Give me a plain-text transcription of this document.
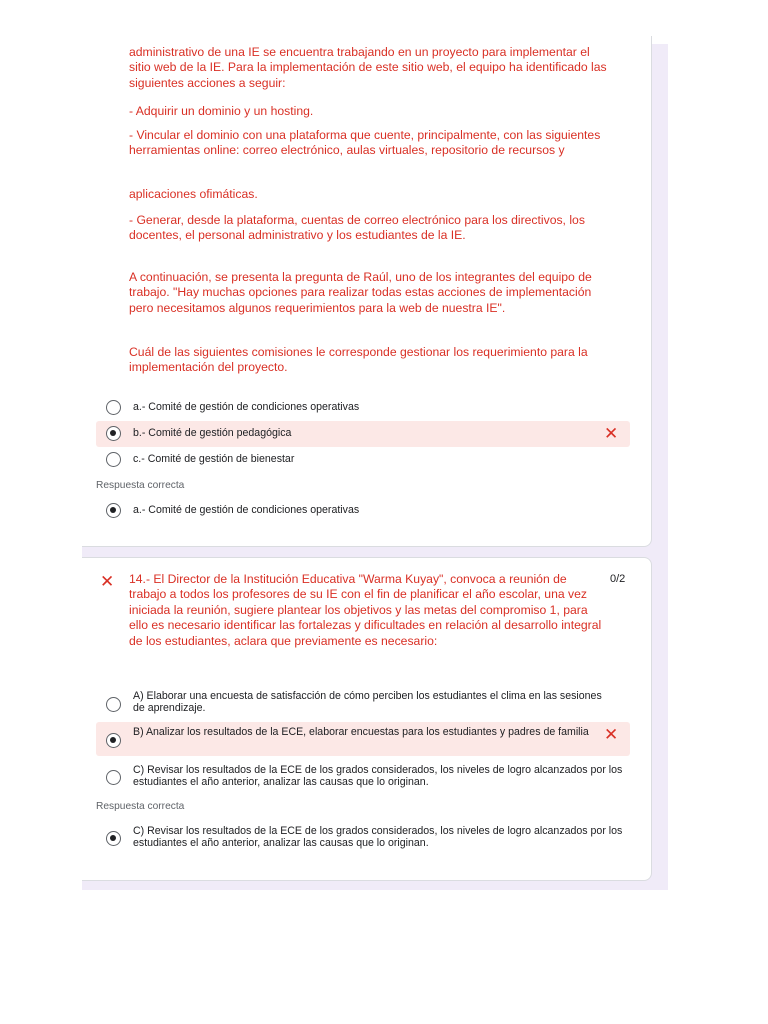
administrativo de una IE se encuentra trabajando en un proyecto para implementar el sitio web de la IE. Para la implementación de este sitio web, el equipo ha identificado las siguientes acciones a seguir:

- Adquirir un dominio y un hosting.

- Vincular el dominio con una plataforma que cuente, principalmente, con las siguientes herramientas online: correo electrónico, aulas virtuales, repositorio de recursos y

aplicaciones ofimáticas.

- Generar, desde la plataforma, cuentas de correo electrónico para los directivos, los docentes, el personal administrativo y los estudiantes de la IE.

A continuación, se presenta la pregunta de Raúl, uno de los integrantes del equipo de trabajo. "Hay muchas opciones para realizar todas estas acciones de implementación pero necesitamos algunos requerimientos para la web de nuestra IE".

Cuál de las siguientes comisiones le corresponde gestionar los requerimiento para la implementación del proyecto.

a.- Comité de gestión de condiciones operativas
b.- Comité de gestión pedagógica	✕
c.- Comité de gestión de bienestar
Respuesta correcta
a.- Comité de gestión de condiciones operativas
✕ 14.- El Director de la Institución Educativa "Warma Kuyay", convoca a reunión de trabajo a todos los profesores de su IE con el fin de planificar el año escolar, una vez iniciada la reunión, sugiere plantear los objetivos y las metas del compromiso 1, para ello es necesario identificar las fortalezas y dificultades en relación al desarrollo integral de los estudiantes, aclara que previamente es necesario:
0/2
A) Elaborar una encuesta de satisfacción de cómo perciben los estudiantes el clima en las sesiones de aprendizaje.
B) Analizar los resultados de la ECE, elaborar encuestas para los estudiantes y padres de familia ✕
C) Revisar los resultados de la ECE de los grados considerados, los niveles de logro alcanzados por los estudiantes el año anterior, analizar las causas que lo originan.
Respuesta correcta
C) Revisar los resultados de la ECE de los grados considerados, los niveles de logro alcanzados por los estudiantes el año anterior, analizar las causas que lo originan.
